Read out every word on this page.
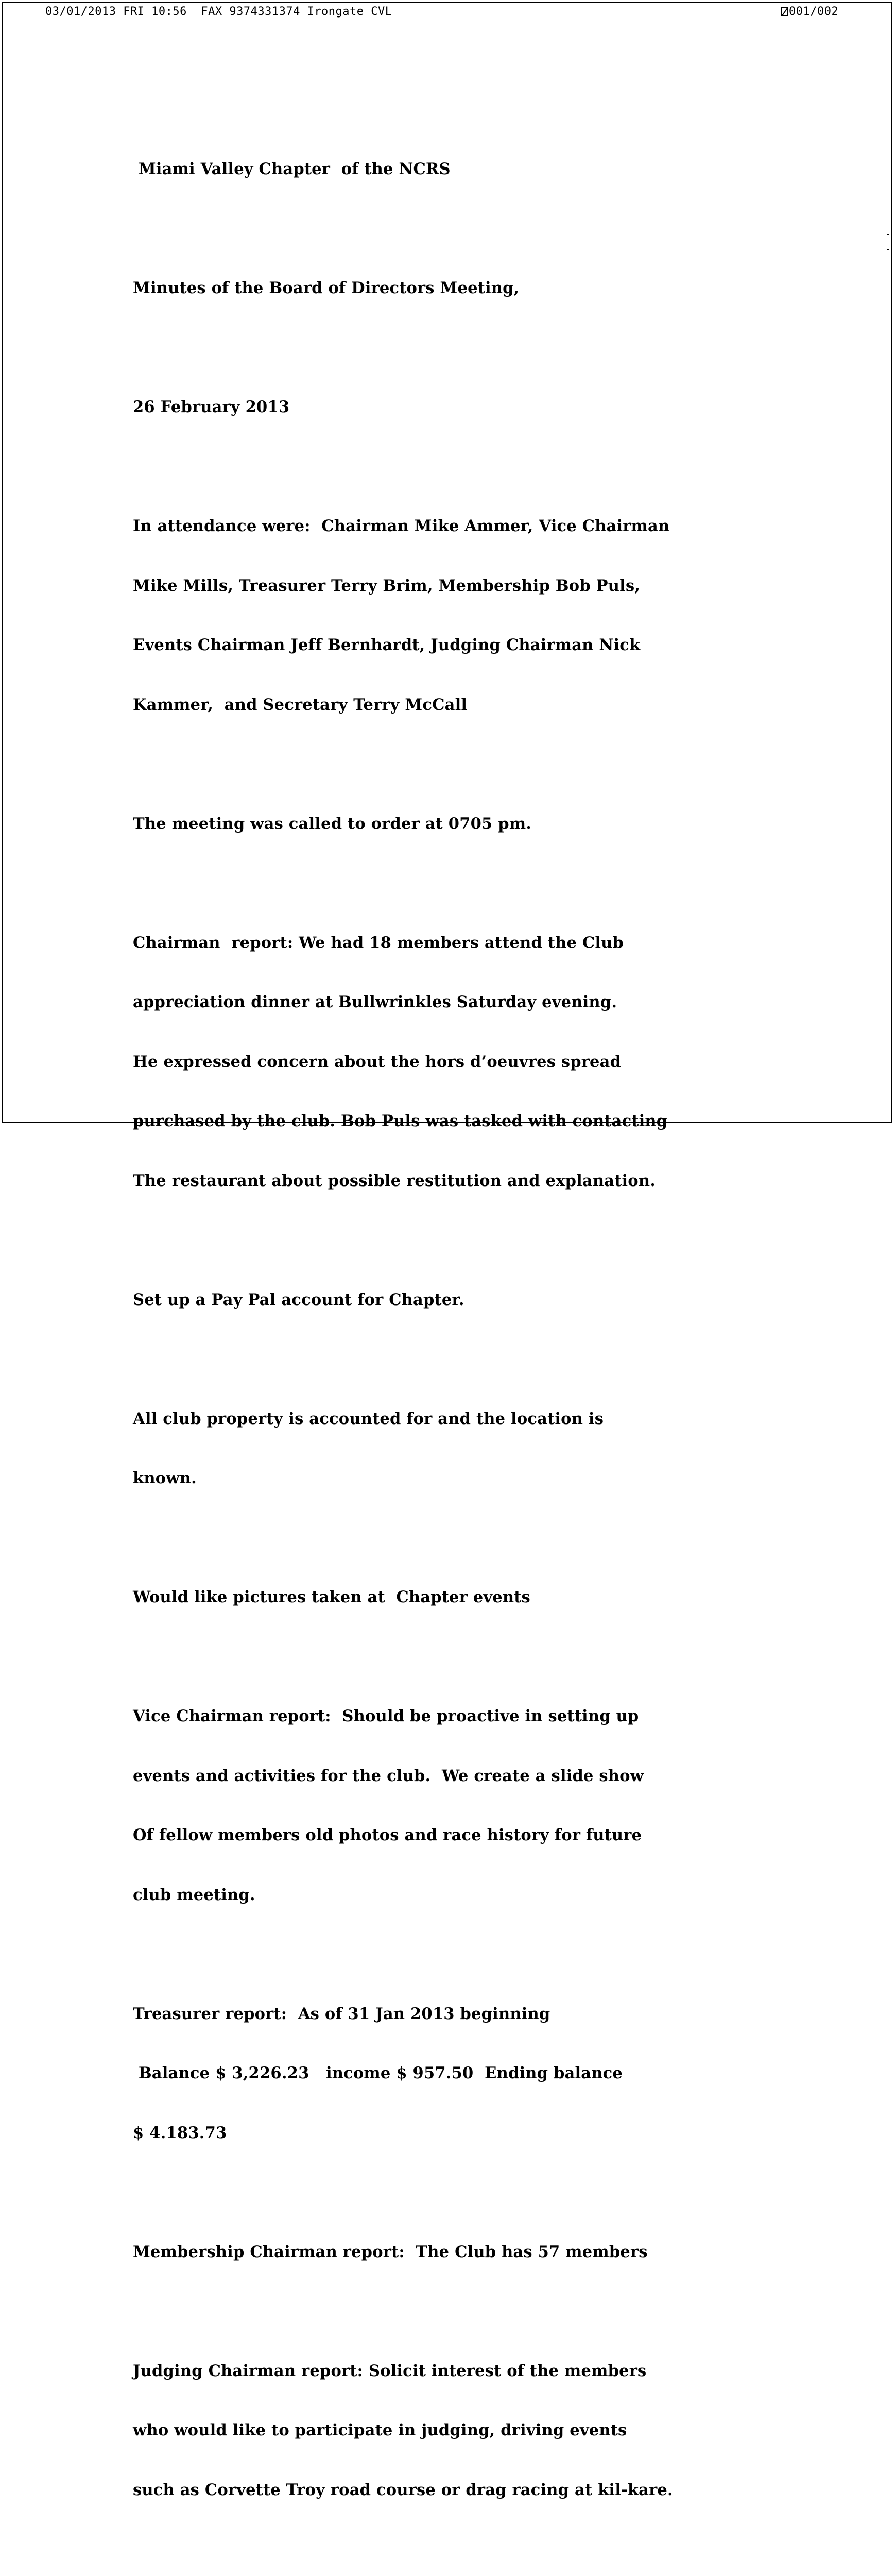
03/01/2013 FRI 10:56  FAX 9374331374 Irongate CVL	001/002

Miami Valley Chapter  of the NCRS

Minutes of the Board of Directors Meeting,

26 February 2013

In attendance were:  Chairman Mike Ammer, Vice Chairman

Mike Mills, Treasurer Terry Brim, Membership Bob Puls,

Events Chairman Jeff Bernhardt, Judging Chairman Nick

Kammer,  and Secretary Terry McCall

The meeting was called to order at 0705 pm.

Chairman  report: We had 18 members attend the Club

appreciation dinner at Bullwrinkles Saturday evening.

He expressed concern about the hors d’oeuvres spread

purchased by the club. Bob Puls was tasked with contacting

The restaurant about possible restitution and explanation.

Set up a Pay Pal account for Chapter.

All club property is accounted for and the location is

known.

Would like pictures taken at  Chapter events

Vice Chairman report:  Should be proactive in setting up

events and activities for the club.  We create a slide show

Of fellow members old photos and race history for future

club meeting.

Treasurer report:  As of 31 Jan 2013 beginning

Balance $ 3,226.23   income $ 957.50  Ending balance

$ 4.183.73

Membership Chairman report:  The Club has 57 members

Judging Chairman report: Solicit interest of the members

who would like to participate in judging, driving events

such as Corvette Troy road course or drag racing at kil-kare.
